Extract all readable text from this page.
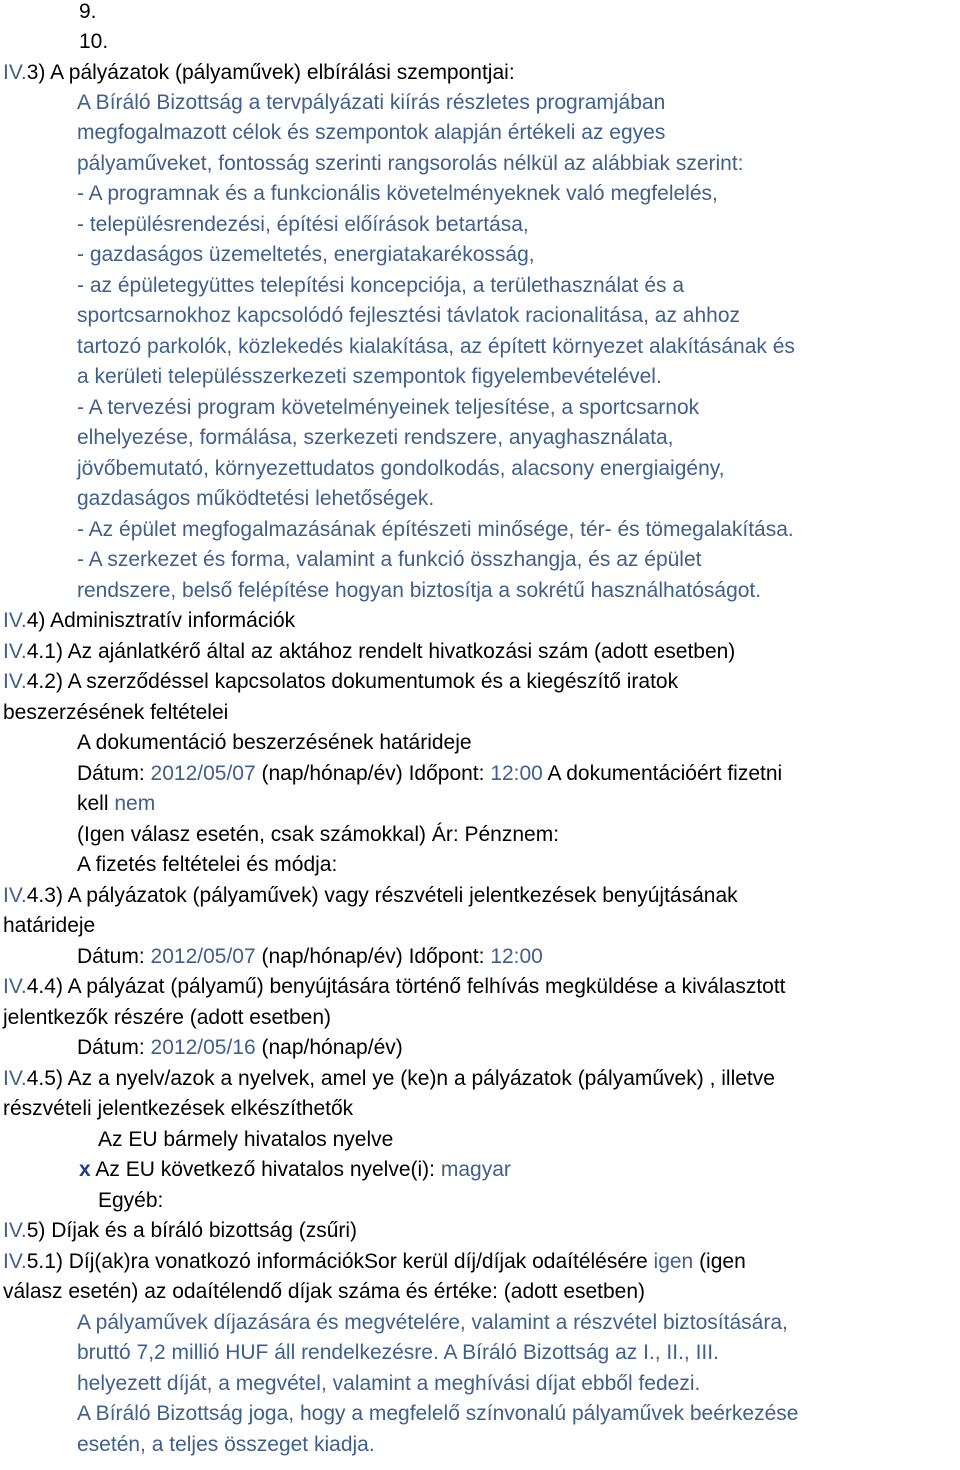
9.
10.
IV.3) A pályázatok (pályaművek) elbírálási szempontjai:
A Bíráló Bizottság a tervpályázati kiírás részletes programjában
megfogalmazott célok és szempontok alapján értékeli az egyes
pályaműveket, fontosság szerinti rangsorolás nélkül az alábbiak szerint:
- A programnak és a funkcionális követelményeknek való megfelelés,
- településrendezési, építési előírások betartása,
- gazdaságos üzemeltetés, energiatakarékosság,
- az épületegyüttes telepítési koncepciója, a területhasználat és a
sportcsarnokhoz kapcsolódó fejlesztési távlatok racionalitása, az ahhoz
tartozó parkolók, közlekedés kialakítása, az épített környezet alakításának és
a kerületi településszerkezeti szempontok figyelembevételével.
- A tervezési program követelményeinek teljesítése, a sportcsarnok
elhelyezése, formálása, szerkezeti rendszere, anyaghasználata,
jövőbemutató, környezettudatos gondolkodás, alacsony energiaigény,
gazdaságos működtetési lehetőségek.
- Az épület megfogalmazásának építészeti minősége, tér- és tömegalakítása.
- A szerkezet és forma, valamint a funkció összhangja, és az épület
rendszere, belső felépítése hogyan biztosítja a sokrétű használhatóságot.
IV.4) Adminisztratív információk
IV.4.1) Az ajánlatkérő által az aktához rendelt hivatkozási szám (adott esetben)
IV.4.2) A szerződéssel kapcsolatos dokumentumok és a kiegészítő iratok
beszerzésének feltételei
A dokumentáció beszerzésének határideje
Dátum: 2012/05/07 (nap/hónap/év) Időpont: 12:00 A dokumentációért fizetni
kell nem
(Igen válasz esetén, csak számokkal) Ár: Pénznem:
A fizetés feltételei és módja:
IV.4.3) A pályázatok (pályaművek) vagy részvételi jelentkezések benyújtásának
határideje
Dátum: 2012/05/07 (nap/hónap/év) Időpont: 12:00
IV.4.4) A pályázat (pályamű) benyújtására történő felhívás megküldése a kiválasztott
jelentkezők részére (adott esetben)
Dátum: 2012/05/16 (nap/hónap/év)
IV.4.5) Az a nyelv/azok a nyelvek, amel ye (ke)n a pályázatok (pályaművek) , illetve
részvételi jelentkezések elkészíthetők
Az EU bármely hivatalos nyelve
x Az EU következő hivatalos nyelve(i): magyar
Egyéb:
IV.5) Díjak és a bíráló bizottság (zsűri)
IV.5.1) Díj(ak)ra vonatkozó információkSor kerül díj/díjak odaítélésére igen (igen
válasz esetén) az odaítélendő díjak száma és értéke: (adott esetben)
A pályaművek díjazására és megvételére, valamint a részvétel biztosítására,
bruttó 7,2 millió HUF áll rendelkezésre. A Bíráló Bizottság az I., II., III.
helyezett díját, a megvétel, valamint a meghívási díjat ebből fedezi.
A Bíráló Bizottság joga, hogy a megfelelő színvonalú pályaművek beérkezése
esetén, a teljes összeget kiadja.
